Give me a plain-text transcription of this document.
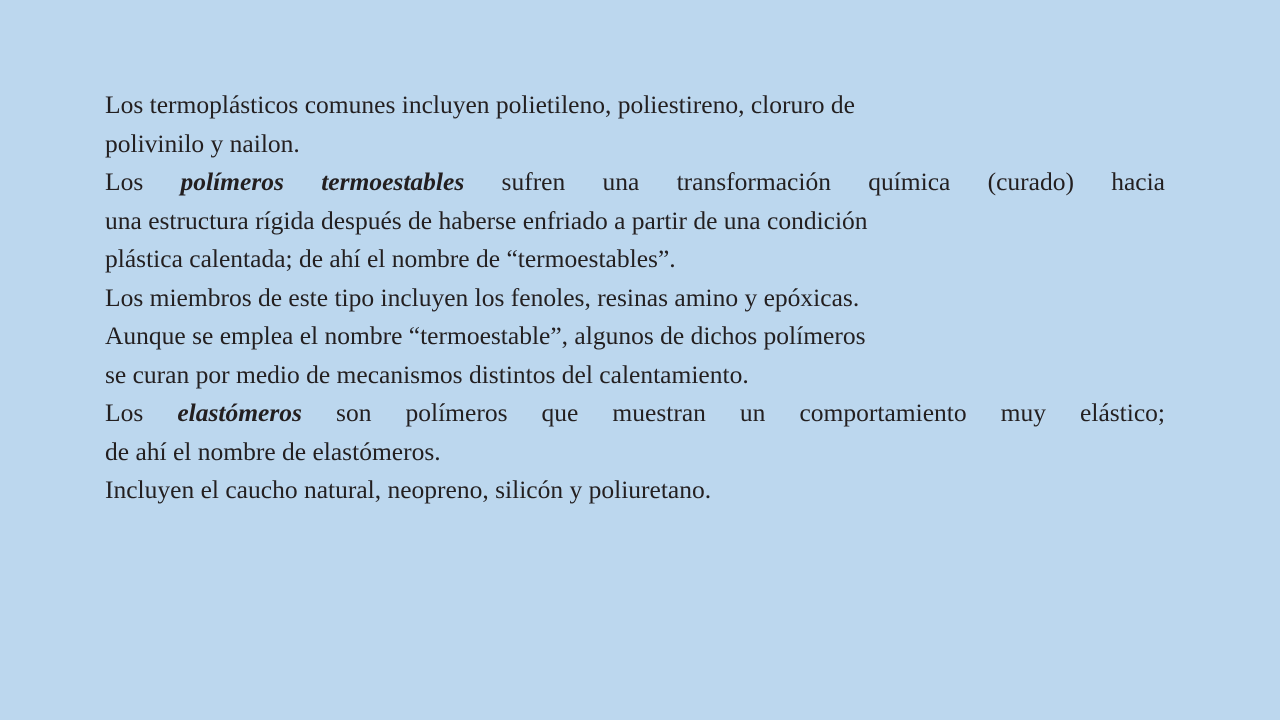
Los termoplásticos comunes incluyen polietileno, poliestireno, cloruro de
polivinilo y nailon.
Los polímeros termoestables sufren una transformación química (curado) hacia
una estructura rígida después de haberse enfriado a partir de una condición
plástica calentada; de ahí el nombre de “termoestables”.
Los miembros de este tipo incluyen los fenoles, resinas amino y epóxicas.
Aunque se emplea el nombre “termoestable”, algunos de dichos polímeros
se curan por medio de mecanismos distintos del calentamiento.
Los elastómeros son polímeros que muestran un comportamiento muy elástico;
de ahí el nombre de elastómeros.
Incluyen el caucho natural, neopreno, silicón y poliuretano.
